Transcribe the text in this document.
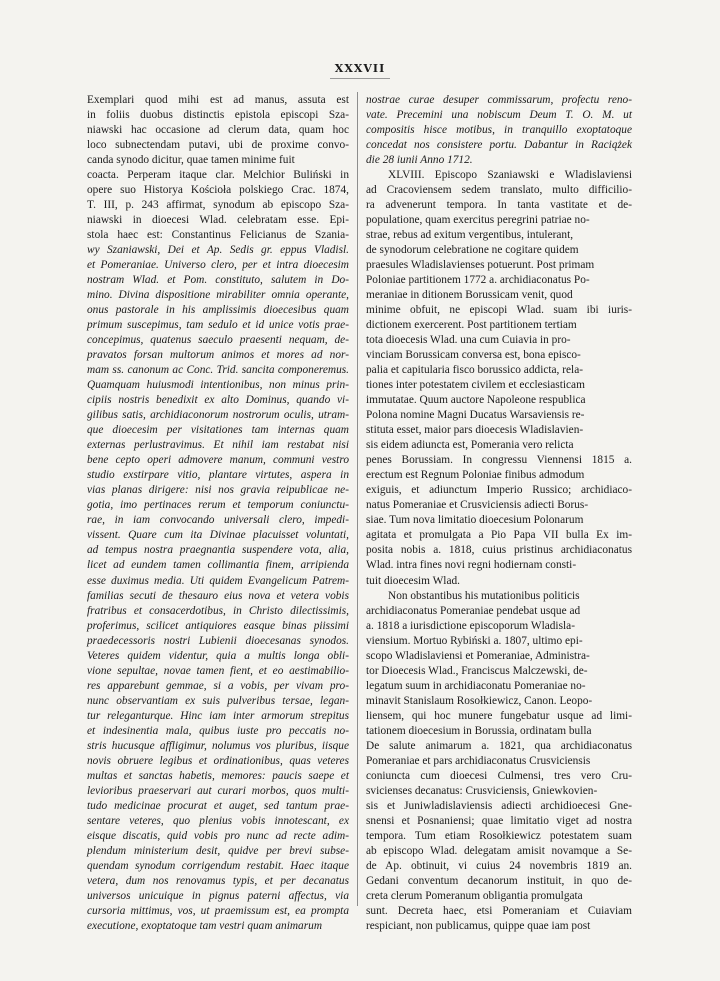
XXXVII
Exemplari quod mihi est ad manus, assuta est
in foliis duobus distinctis epistola episcopi Sza-
niawski hac occasione ad clerum data, quam hoc
loco subnectendam putavi, ubi de proxime convo-
canda synodo dicitur, quae tamen minime fuit
coacta. Perperam itaque clar. Melchior Buliński in
opere suo Historya Kościoła polskiego Crac. 1874,
T. III, p. 243 affirmat, synodum ab episcopo Sza-
niawski in dioecesi Wlad. celebratam esse. Epi-
stola haec est: Constantinus Felicianus de Szania-
wy Szaniawski, Dei et Ap. Sedis gr. eppus Vladisl.
et Pomeraniae. Universo clero, per et intra dioecesim
nostram Wlad. et Pom. constituto, salutem in Do-
mino. Divina dispositione mirabiliter omnia operante,
onus pastorale in his amplissimis dioecesibus quam
primum suscepimus, tam sedulo et id unice votis prae-
concepimus, quatenus saeculo praesenti nequam, de-
pravatos forsan multorum animos et mores ad nor-
mam ss. canonum ac Conc. Trid. sancita componeremus.
Quamquam huiusmodi intentionibus, non minus prin-
cipiis nostris benedixit ex alto Dominus, quando vi-
gilibus satis, archidiaconorum nostrorum oculis, utram-
que dioecesim per visitationes tam internas quam
externas perlustravimus. Et nihil iam restabat nisi
bene cepto operi admovere manum, communi vestro
studio exstirpare vitio, plantare virtutes, aspera in
vias planas dirigere: nisi nos gravia reipublicae ne-
gotia, imo pertinaces rerum et temporum coniunctu-
rae, in iam convocando universali clero, impedi-
vissent. Quare cum ita Divinae placuisset voluntati,
ad tempus nostra praegnantia suspendere vota, alia,
licet ad eundem tamen collimantia finem, arripienda
esse duximus media. Uti quidem Evangelicum Patrem-
familias secuti de thesauro eius nova et vetera vobis
fratribus et consacerdotibus, in Christo dilectissimis,
proferimus, scilicet antiquiores easque binas piissimi
praedecessoris nostri Lubienii dioecesanas synodos.
Veteres quidem videntur, quia a multis longa obli-
vione sepultae, novae tamen fient, et eo aestimabilio-
res apparebunt gemmae, si a vobis, per vivam pro-
nunc observantiam ex suis pulveribus tersae, legan-
tur releganturque. Hinc iam inter armorum strepitus
et indesinentia mala, quibus iuste pro peccatis no-
stris hucusque affligimur, nolumus vos pluribus, iisque
novis obruere legibus et ordinationibus, quas veteres
multas et sanctas habetis, memores: paucis saepe et
levioribus praeservari aut curari morbos, quos multi-
tudo medicinae procurat et auget, sed tantum prae-
sentare veteres, quo plenius vobis innotescant, ex
eisque discatis, quid vobis pro nunc ad recte adim-
plendum ministerium desit, quidve per brevi subse-
quendam synodum corrigendum restabit. Haec itaque
vetera, dum nos renovamus typis, et per decanatus
universos unicuique in pignus paterni affectus, via
cursoria mittimus, vos, ut praemissum est, ea prompta
executione, exoptatoque tam vestri quam animarum
nostrae curae desuper commissarum, profectu reno-
vate. Precemini una nobiscum Deum T. O. M. ut
compositis hisce motibus, in tranquillo exoptatoque
concedat nos consistere portu. Dabantur in Raciążek
die 28 iunii Anno 1712.
XLVIII. Episcopo Szaniawski e Wladislaviensi
ad Cracoviensem sedem translato, multo difficilio-
ra advenerunt tempora. In tanta vastitate et de-
populatione, quam exercitus peregrini patriae no-
strae, rebus ad exitum vergentibus, intulerant,
de synodorum celebratione ne cogitare quidem
praesules Wladislavienses potuerunt. Post primam
Poloniae partitionem 1772 a. archidiaconatus Po-
meraniae in ditionem Borussicam venit, quod
minime obfuit, ne episcopi Wlad. suam ibi iuris-
dictionem exercerent. Post partitionem tertiam
tota dioecesis Wlad. una cum Cuiavia in pro-
vinciam Borussicam conversa est, bona episco-
palia et capitularia fisco borussico addicta, rela-
tiones inter potestatem civilem et ecclesiasticam
immutatae. Quum auctore Napoleone respublica
Polona nomine Magni Ducatus Warsaviensis re-
stituta esset, maior pars dioecesis Wladislavien-
sis eidem adiuncta est, Pomerania vero relicta
penes Borussiam. In congressu Viennensi 1815 a.
erectum est Regnum Poloniae finibus admodum
exiguis, et adiunctum Imperio Russico; archidiaco-
natus Pomeraniae et Crusviciensis adiecti Borus-
siae. Tum nova limitatio dioecesium Polonarum
agitata et promulgata a Pio Papa VII bulla Ex im-
posita nobis a. 1818, cuius pristinus archidiaconatus
Wlad. intra fines novi regni hodiernam consti-
tuit dioecesim Wlad.
Non obstantibus his mutationibus politicis
archidiaconatus Pomeraniae pendebat usque ad
a. 1818 a iurisdictione episcoporum Wladisla-
viensium. Mortuo Rybiński a. 1807, ultimo epi-
scopo Wladislaviensi et Pomeraniae, Administra-
tor Dioecesis Wlad., Franciscus Malczewski, de-
legatum suum in archidiaconatu Pomeraniae no-
minavit Stanislaum Rosołkiewicz, Canon. Leopo-
liensem, qui hoc munere fungebatur usque ad limi-
tationem dioecesium in Borussia, ordinatam bulla
De salute animarum a. 1821, qua archidiaconatus
Pomeraniae et pars archidiaconatus Crusviciensis
coniuncta cum dioecesi Culmensi, tres vero Cru-
svicienses decanatus: Crusviciensis, Gniewkovien-
sis et Juniwladislaviensis adiecti archidioecesi Gne-
snensi et Posnaniensi; quae limitatio viget ad nostra
tempora. Tum etiam Rosołkiewicz potestatem suam
ab episcopo Wlad. delegatam amisit novamque a Se-
de Ap. obtinuit, vi cuius 24 novembris 1819 an.
Gedani conventum decanorum instituit, in quo de-
creta clerum Pomeranum obligantia promulgata
sunt. Decreta haec, etsi Pomeraniam et Cuiaviam
respiciant, non publicamus, quippe quae iam post
